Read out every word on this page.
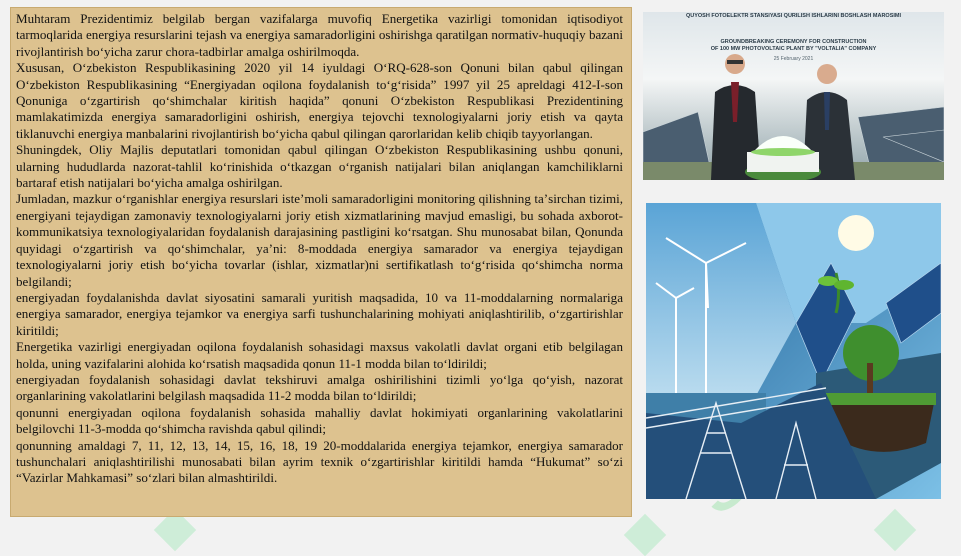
Muhtaram Prezidentimiz belgilab bergan vazifalarga muvofiq Energetika vazirligi tomonidan iqtisodiyot tarmoqlarida energiya resurslarini tejash va energiya samaradorligini oshirishga qaratilgan normativ-huquqiy bazani rivojlantirish boʻyicha zarur chora-tadbirlar amalga oshirilmoqda.

Xususan, Oʻzbekiston Respublikasining 2020 yil 14 iyuldagi OʻRQ-628-son Qonuni bilan qabul qilingan Oʻzbekiston Respublikasining “Energiyadan oqilona foydalanish toʻgʻrisida” 1997 yil 25 apreldagi 412-I-son Qonuniga oʻzgartirish qoʻshimchalar kiritish haqida” qonuni Oʻzbekiston Respublikasi Prezidentining mamlakatimizda energiya samaradorligini oshirish, energiya tejovchi texnologiyalarni joriy etish va qayta tiklanuvchi energiya manbalarini rivojlantirish boʻyicha qabul qilingan qarorlaridan kelib chiqib tayyorlangan.

Shuningdek, Oliy Majlis deputatlari tomonidan qabul qilingan Oʻzbekiston Respublikasining ushbu qonuni, ularning hududlarda nazorat-tahlil koʻrinishida oʻtkazgan oʻrganish natijalari bilan aniqlangan kamchiliklarni bartaraf etish natijalari boʻyicha amalga oshirilgan.

Jumladan, mazkur oʻrganishlar energiya resurslari isteʼmoli samaradorligini monitoring qilishning taʼsirchan tizimi, energiyani tejaydigan zamonaviy texnologiyalarni joriy etish xizmatlarining mavjud emasligi, bu sohada axborot-kommunikatsiya texnologiyalaridan foydalanish darajasining pastligini koʻrsatgan. Shu munosabat bilan, Qonunda quyidagi oʻzgartirish va qoʻshimchalar, yaʼni: 8-moddada energiya samarador va energiya tejaydigan texnologiyalarni joriy etish boʻyicha tovarlar (ishlar, xizmatlar)ni sertifikatlash toʻgʻrisida qoʻshimcha norma belgilandi;

energiyadan foydalanishda davlat siyosatini samarali yuritish maqsadida, 10 va 11-moddalarning normalariga energiya samarador, energiya tejamkor va energiya sarfi tushunchalarining mohiyati aniqlashtirilib, oʻzgartirishlar kiritildi;

Energetika vazirligi energiyadan oqilona foydalanish sohasidagi maxsus vakolatli davlat organi etib belgilagan holda, uning vazifalarini alohida koʻrsatish maqsadida qonun 11-1 modda bilan toʻldirildi;

energiyadan foydalanish sohasidagi davlat tekshiruvi amalga oshirilishini tizimli yoʻlga qoʻyish, nazorat organlarining vakolatlarini belgilash maqsadida 11-2 modda bilan toʻldirildi;

qonunni energiyadan oqilona foydalanish sohasida mahalliy davlat hokimiyati organlarining vakolatlarini belgilovchi 11-3-modda qoʻshimcha ravishda qabul qilindi;

qonunning amaldagi 7, 11, 12, 13, 14, 15, 16, 18, 19 20-moddalarida energiya tejamkor, energiya samarador tushunchalari aniqlashtirilishi munosabati bilan ayrim texnik oʻzgartirishlar kiritildi hamda “Hukumat” soʻzi “Vazirlar Mahkamasi” soʻzlari bilan almashtirildi.

QUYOSH FOTOELEKTR STANSIYASI QURILISH ISHLARINI BOSHLASH MAROSIMI
GROUNDBREAKING CEREMONY FOR CONSTRUCTION
OF 100 MW PHOTOVOLTAIC PLANT BY "VOLTALIA" COMPANY
25 February 2021
